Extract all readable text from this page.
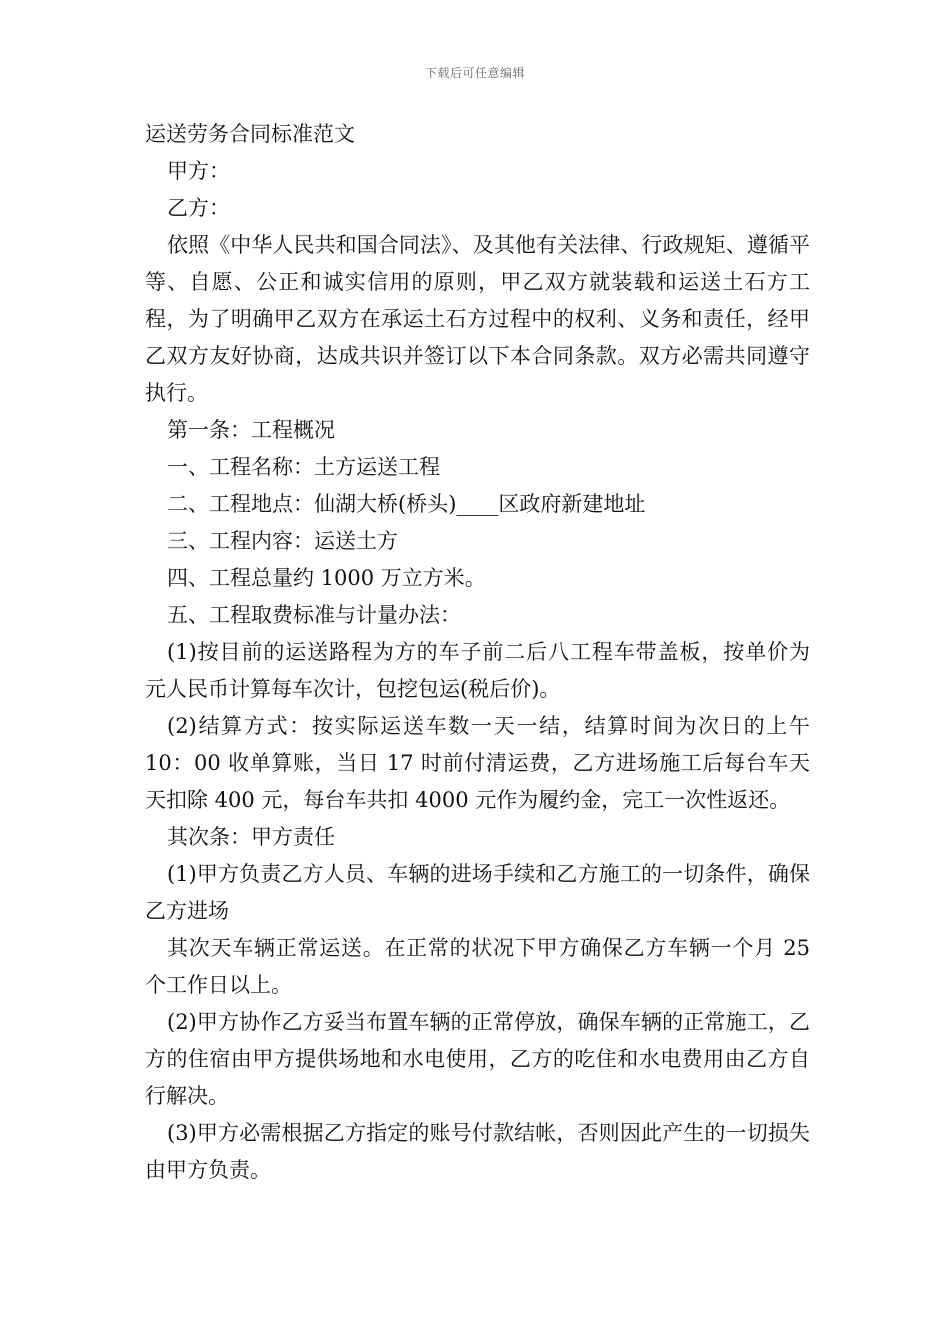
下载后可任意编辑

运送劳务合同标准范文

甲方：

乙方：

依照《中华人民共和国合同法》、及其他有关法律、行政规矩、遵循平等、自愿、公正和诚实信用的原则，甲乙双方就装载和运送土石方工程，为了明确甲乙双方在承运土石方过程中的权利、义务和责任，经甲乙双方友好协商，达成共识并签订以下本合同条款。双方必需共同遵守执行。

第一条：工程概况

一、工程名称：土方运送工程

二、工程地点：仙湖大桥(桥头)____区政府新建地址

三、工程内容：运送土方

四、工程总量约 1000 万立方米。

五、工程取费标准与计量办法：

(1)按目前的运送路程为方的车子前二后八工程车带盖板，按单价为 元人民币计算每车次计，包挖包运(税后价)。

(2)结算方式：按实际运送车数一天一结，结算时间为次日的上午 10：00 收单算账，当日 17 时前付清运费，乙方进场施工后每台车天天扣除 400 元，每台车共扣 4000 元作为履约金，完工一次性返还。

其次条：甲方责任

(1)甲方负责乙方人员、车辆的进场手续和乙方施工的一切条件，确保乙方进场

其次天车辆正常运送。在正常的状况下甲方确保乙方车辆一个月 25 个工作日以上。

(2)甲方协作乙方妥当布置车辆的正常停放，确保车辆的正常施工，乙方的住宿由甲方提供场地和水电使用，乙方的吃住和水电费用由乙方自行解决。

(3)甲方必需根据乙方指定的账号付款结帐，否则因此产生的一切损失由甲方负责。
